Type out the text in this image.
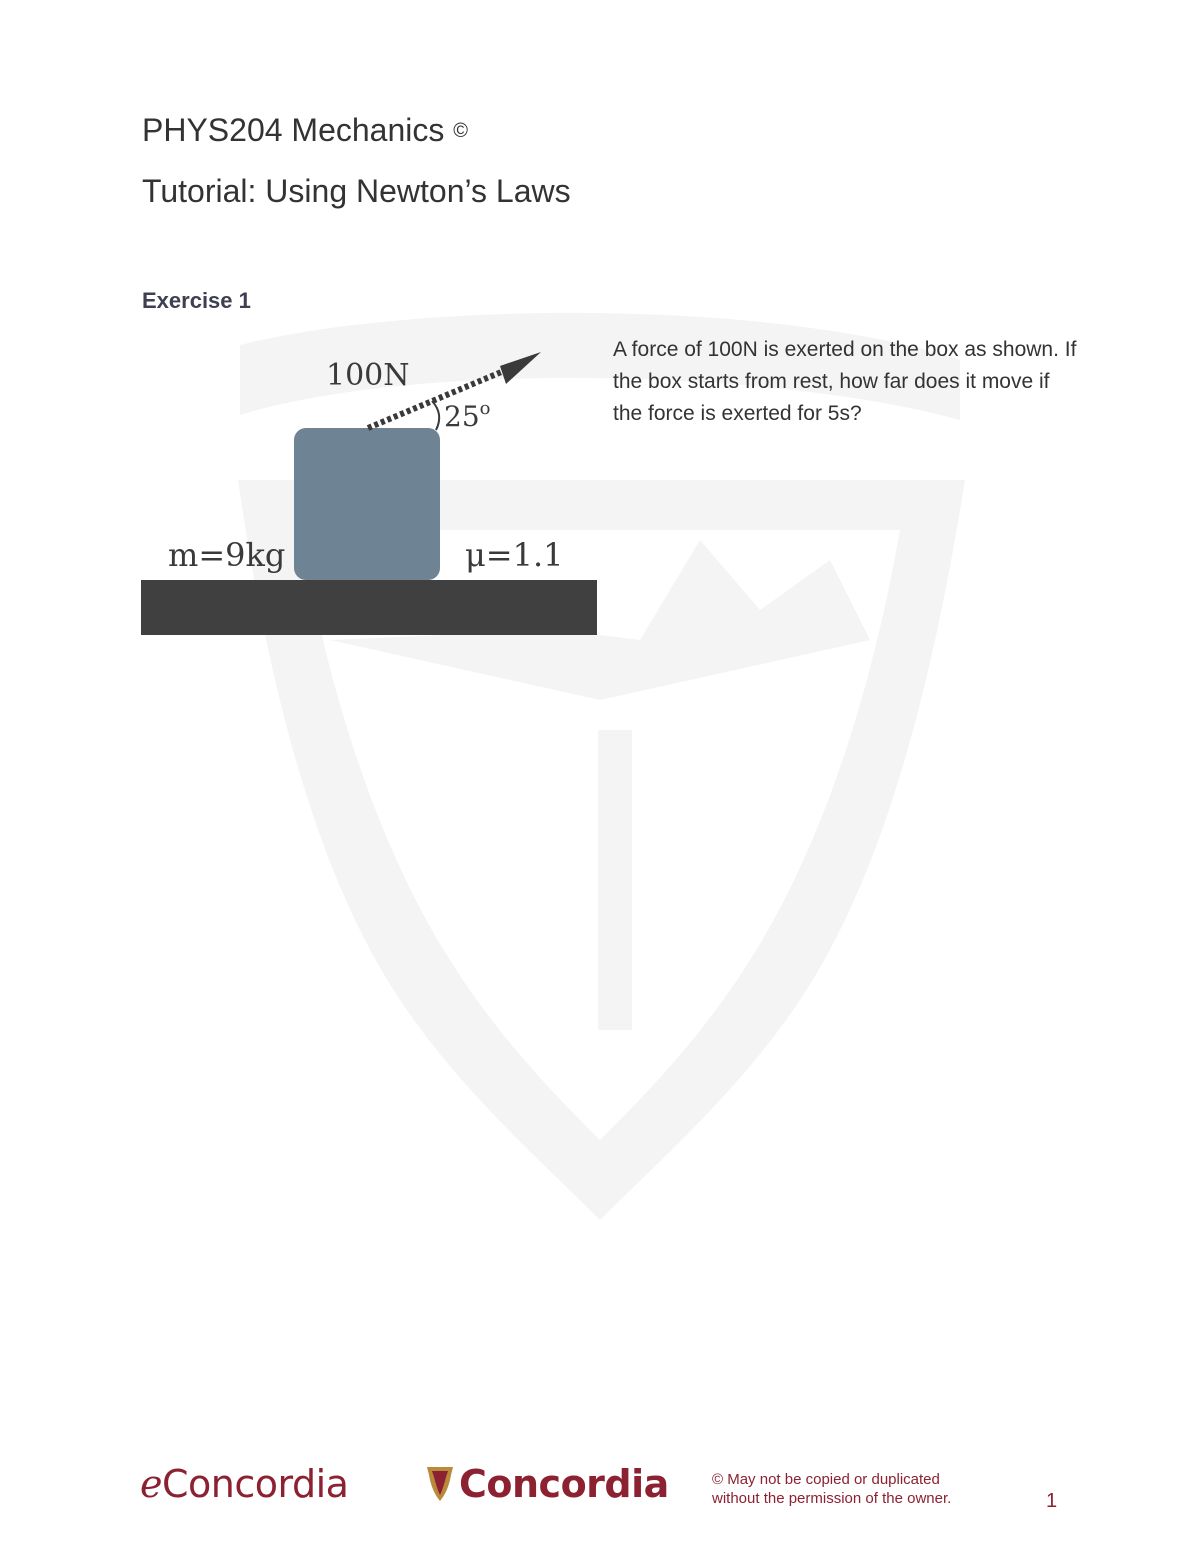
PHYS204 Mechanics ©
Tutorial: Using Newton’s Laws
Exercise 1
100N
25$^o$
m=9kg	μ=1.1
A force of 100N is exerted on the box as shown. If the box starts from rest, how far does it move if the force is exerted for 5s?
eConcordia	Concordia	© May not be copied or duplicated
without the permission of the owner.	1
